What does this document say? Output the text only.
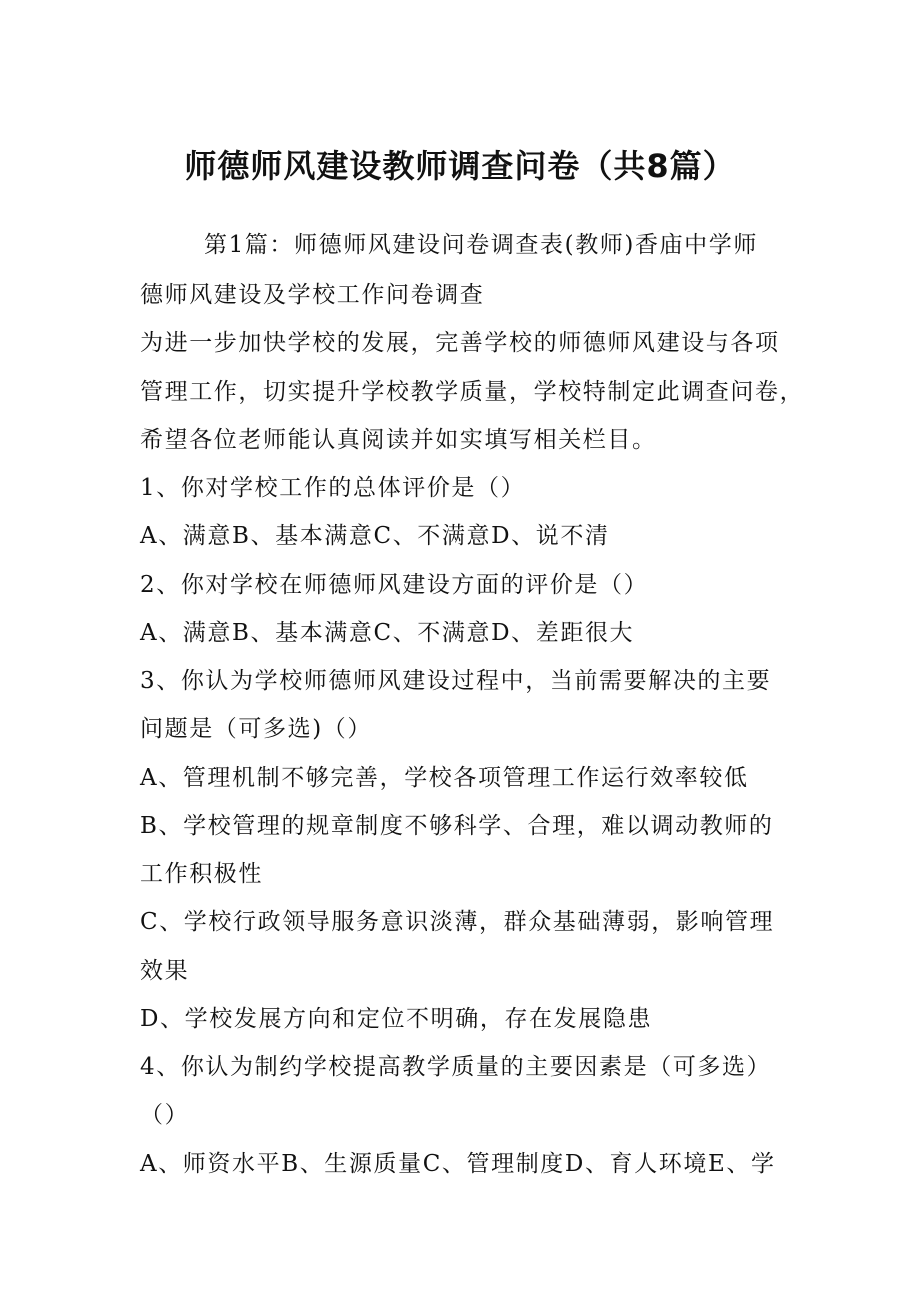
师德师风建设教师调查问卷（共8篇）
第1篇：师德师风建设问卷调查表(教师)香庙中学师
德师风建设及学校工作问卷调查
为进一步加快学校的发展，完善学校的师德师风建设与各项
管理工作，切实提升学校教学质量，学校特制定此调查问卷，
希望各位老师能认真阅读并如实填写相关栏目。
1、你对学校工作的总体评价是（）
A、满意B、基本满意C、不满意D、说不清
2、你对学校在师德师风建设方面的评价是（）
A、满意B、基本满意C、不满意D、差距很大
3、你认为学校师德师风建设过程中，当前需要解决的主要
问题是（可多选)（）
A、管理机制不够完善，学校各项管理工作运行效率较低
B、学校管理的规章制度不够科学、合理，难以调动教师的
工作积极性
C、学校行政领导服务意识淡薄，群众基础薄弱，影响管理
效果
D、学校发展方向和定位不明确，存在发展隐患
4、你认为制约学校提高教学质量的主要因素是（可多选）
（）
A、师资水平B、生源质量C、管理制度D、育人环境E、学
